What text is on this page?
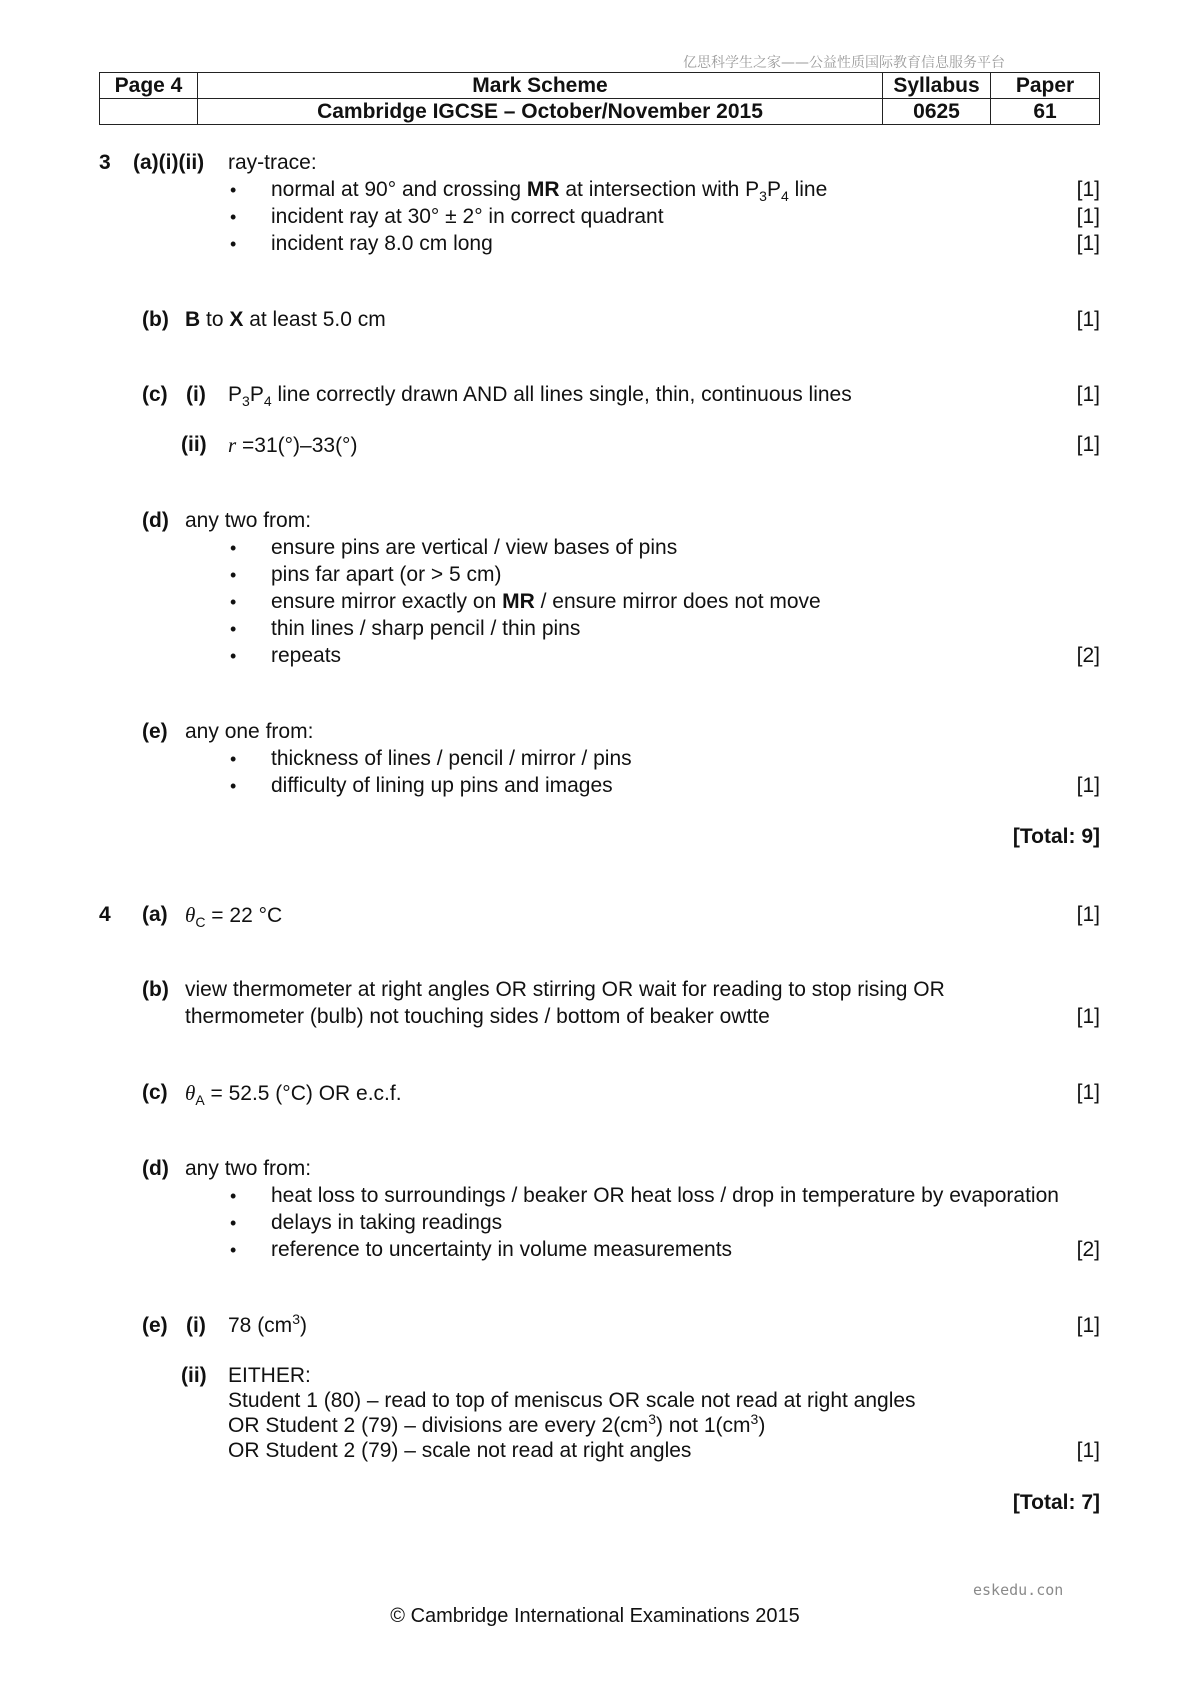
亿思科学生之家——公益性质国际教育信息服务平台
Page 4	Mark Scheme	Syllabus	Paper
	Cambridge IGCSE – October/November 2015	0625	61
3 (a)(i)(ii) ray-trace:
• normal at 90° and crossing MR at intersection with $P_3P_4$ line	[1]
• incident ray at 30° ± 2° in correct quadrant	[1]
• incident ray 8.0 cm long	[1]
(b) B to X at least 5.0 cm	[1]
(c) (i) $P_3P_4$ line correctly drawn AND all lines single, thin, continuous lines	[1]
(ii) r =31(°)–33(°)	[1]
(d) any two from:
• ensure pins are vertical / view bases of pins
• pins far apart (or > 5 cm)
• ensure mirror exactly on MR / ensure mirror does not move
• thin lines / sharp pencil / thin pins
• repeats	[2]
(e) any one from:
• thickness of lines / pencil / mirror / pins
• difficulty of lining up pins and images	[1]
[Total: 9]
4 (a) $\theta_C = 22$ °C	[1]
(b) view thermometer at right angles OR stirring OR wait for reading to stop rising OR
thermometer (bulb) not touching sides / bottom of beaker owtte	[1]
(c) $\theta_A = 52.5$ (°C) OR e.c.f.	[1]
(d) any two from:
• heat loss to surroundings / beaker OR heat loss / drop in temperature by evaporation
• delays in taking readings
• reference to uncertainty in volume measurements	[2]
(e) (i) 78 $(cm^3)$	[1]
(ii) EITHER:
Student 1 (80) – read to top of meniscus OR scale not read at right angles
OR Student 2 (79) – divisions are every $2(cm^3)$ not $1(cm^3)$
OR Student 2 (79) – scale not read at right angles	[1]
[Total: 7]
eskedu.con
© Cambridge International Examinations 2015
